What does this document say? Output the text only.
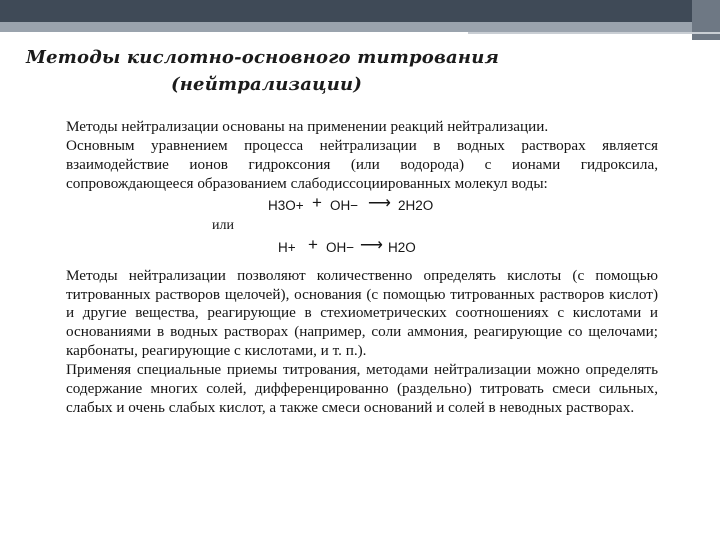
Методы кислотно-основного титрования
(нейтрализации)

Методы нейтрализации основаны на применении реакций нейтрализации.

Основным уравнением процесса нейтрализации в водных растворах является взаимодействие ионов гидроксония (или водорода) с ионами гидроксила, сопровождающееся образованием слабодиссоциированных молекул воды:

H3O+ + OH− ⟶ 2H2O
или
H+ + OH− ⟶ H2O

Методы нейтрализации позволяют количественно определять кислоты (с помощью титрованных растворов щелочей), основания (с помощью титрованных растворов кислот) и другие вещества, реагирующие в стехиометрических соотношениях с кислотами и основаниями в водных растворах (например, соли аммония, реагирующие со щелочами; карбонаты, реагирующие с кислотами, и т. п.).

Применяя специальные приемы титрования, методами нейтрализации можно определять содержание многих солей, дифференцированно (раздельно) титровать смеси сильных, слабых и очень слабых кислот, а также смеси оснований и солей в неводных растворах.
